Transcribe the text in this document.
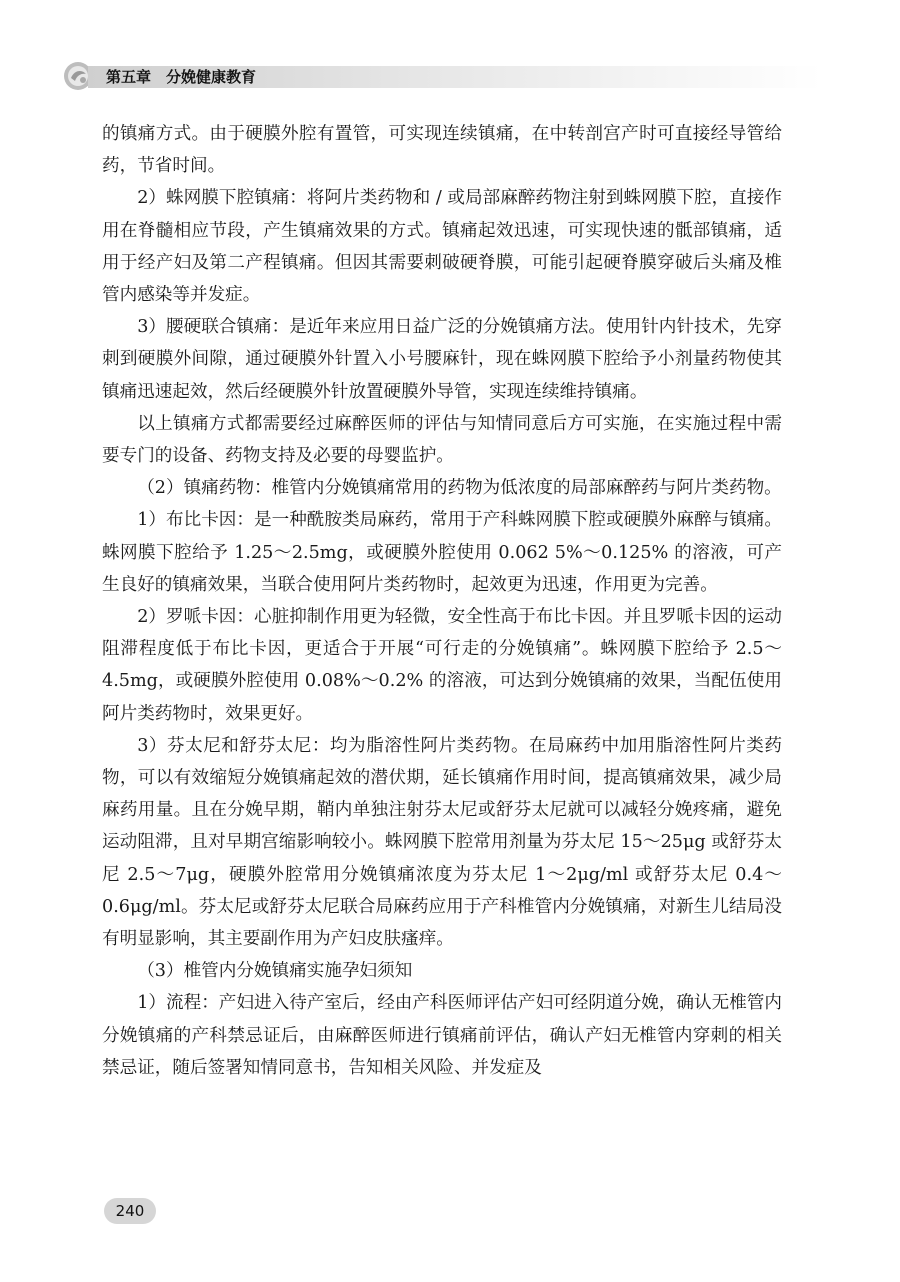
第五章　 分娩健康教育

的镇痛方式。由于硬膜外腔有置管，可实现连续镇痛，在中转剖宫产时可直接经导管给药，节省时间。

2）蛛网膜下腔镇痛：将阿片类药物和 / 或局部麻醉药物注射到蛛网膜下腔，直接作用在脊髓相应节段，产生镇痛效果的方式。镇痛起效迅速，可实现快速的骶部镇痛，适用于经产妇及第二产程镇痛。但因其需要刺破硬脊膜，可能引起硬脊膜穿破后头痛及椎管内感染等并发症。

3）腰硬联合镇痛：是近年来应用日益广泛的分娩镇痛方法。使用针内针技术，先穿刺到硬膜外间隙，通过硬膜外针置入小号腰麻针，现在蛛网膜下腔给予小剂量药物使其镇痛迅速起效，然后经硬膜外针放置硬膜外导管，实现连续维持镇痛。

以上镇痛方式都需要经过麻醉医师的评估与知情同意后方可实施，在实施过程中需要专门的设备、药物支持及必要的母婴监护。

（2）镇痛药物：椎管内分娩镇痛常用的药物为低浓度的局部麻醉药与阿片类药物。

1）布比卡因：是一种酰胺类局麻药，常用于产科蛛网膜下腔或硬膜外麻醉与镇痛。蛛网膜下腔给予 1.25～2.5mg，或硬膜外腔使用 0.062 5%～0.125% 的溶液，可产生良好的镇痛效果，当联合使用阿片类药物时，起效更为迅速，作用更为完善。

2）罗哌卡因：心脏抑制作用更为轻微，安全性高于布比卡因。并且罗哌卡因的运动阻滞程度低于布比卡因，更适合于开展“可行走的分娩镇痛”。蛛网膜下腔给予 2.5～4.5mg，或硬膜外腔使用 0.08%～0.2% 的溶液，可达到分娩镇痛的效果，当配伍使用阿片类药物时，效果更好。

3）芬太尼和舒芬太尼：均为脂溶性阿片类药物。在局麻药中加用脂溶性阿片类药物，可以有效缩短分娩镇痛起效的潜伏期，延长镇痛作用时间，提高镇痛效果，减少局麻药用量。且在分娩早期，鞘内单独注射芬太尼或舒芬太尼就可以减轻分娩疼痛，避免运动阻滞，且对早期宫缩影响较小。蛛网膜下腔常用剂量为芬太尼 15～25μg 或舒芬太尼 2.5～7μg，硬膜外腔常用分娩镇痛浓度为芬太尼 1～2μg/ml 或舒芬太尼 0.4～0.6μg/ml。芬太尼或舒芬太尼联合局麻药应用于产科椎管内分娩镇痛，对新生儿结局没有明显影响，其主要副作用为产妇皮肤瘙痒。

（3）椎管内分娩镇痛实施孕妇须知

1）流程：产妇进入待产室后，经由产科医师评估产妇可经阴道分娩，确认无椎管内分娩镇痛的产科禁忌证后，由麻醉医师进行镇痛前评估，确认产妇无椎管内穿刺的相关禁忌证，随后签署知情同意书，告知相关风险、并发症及

240
